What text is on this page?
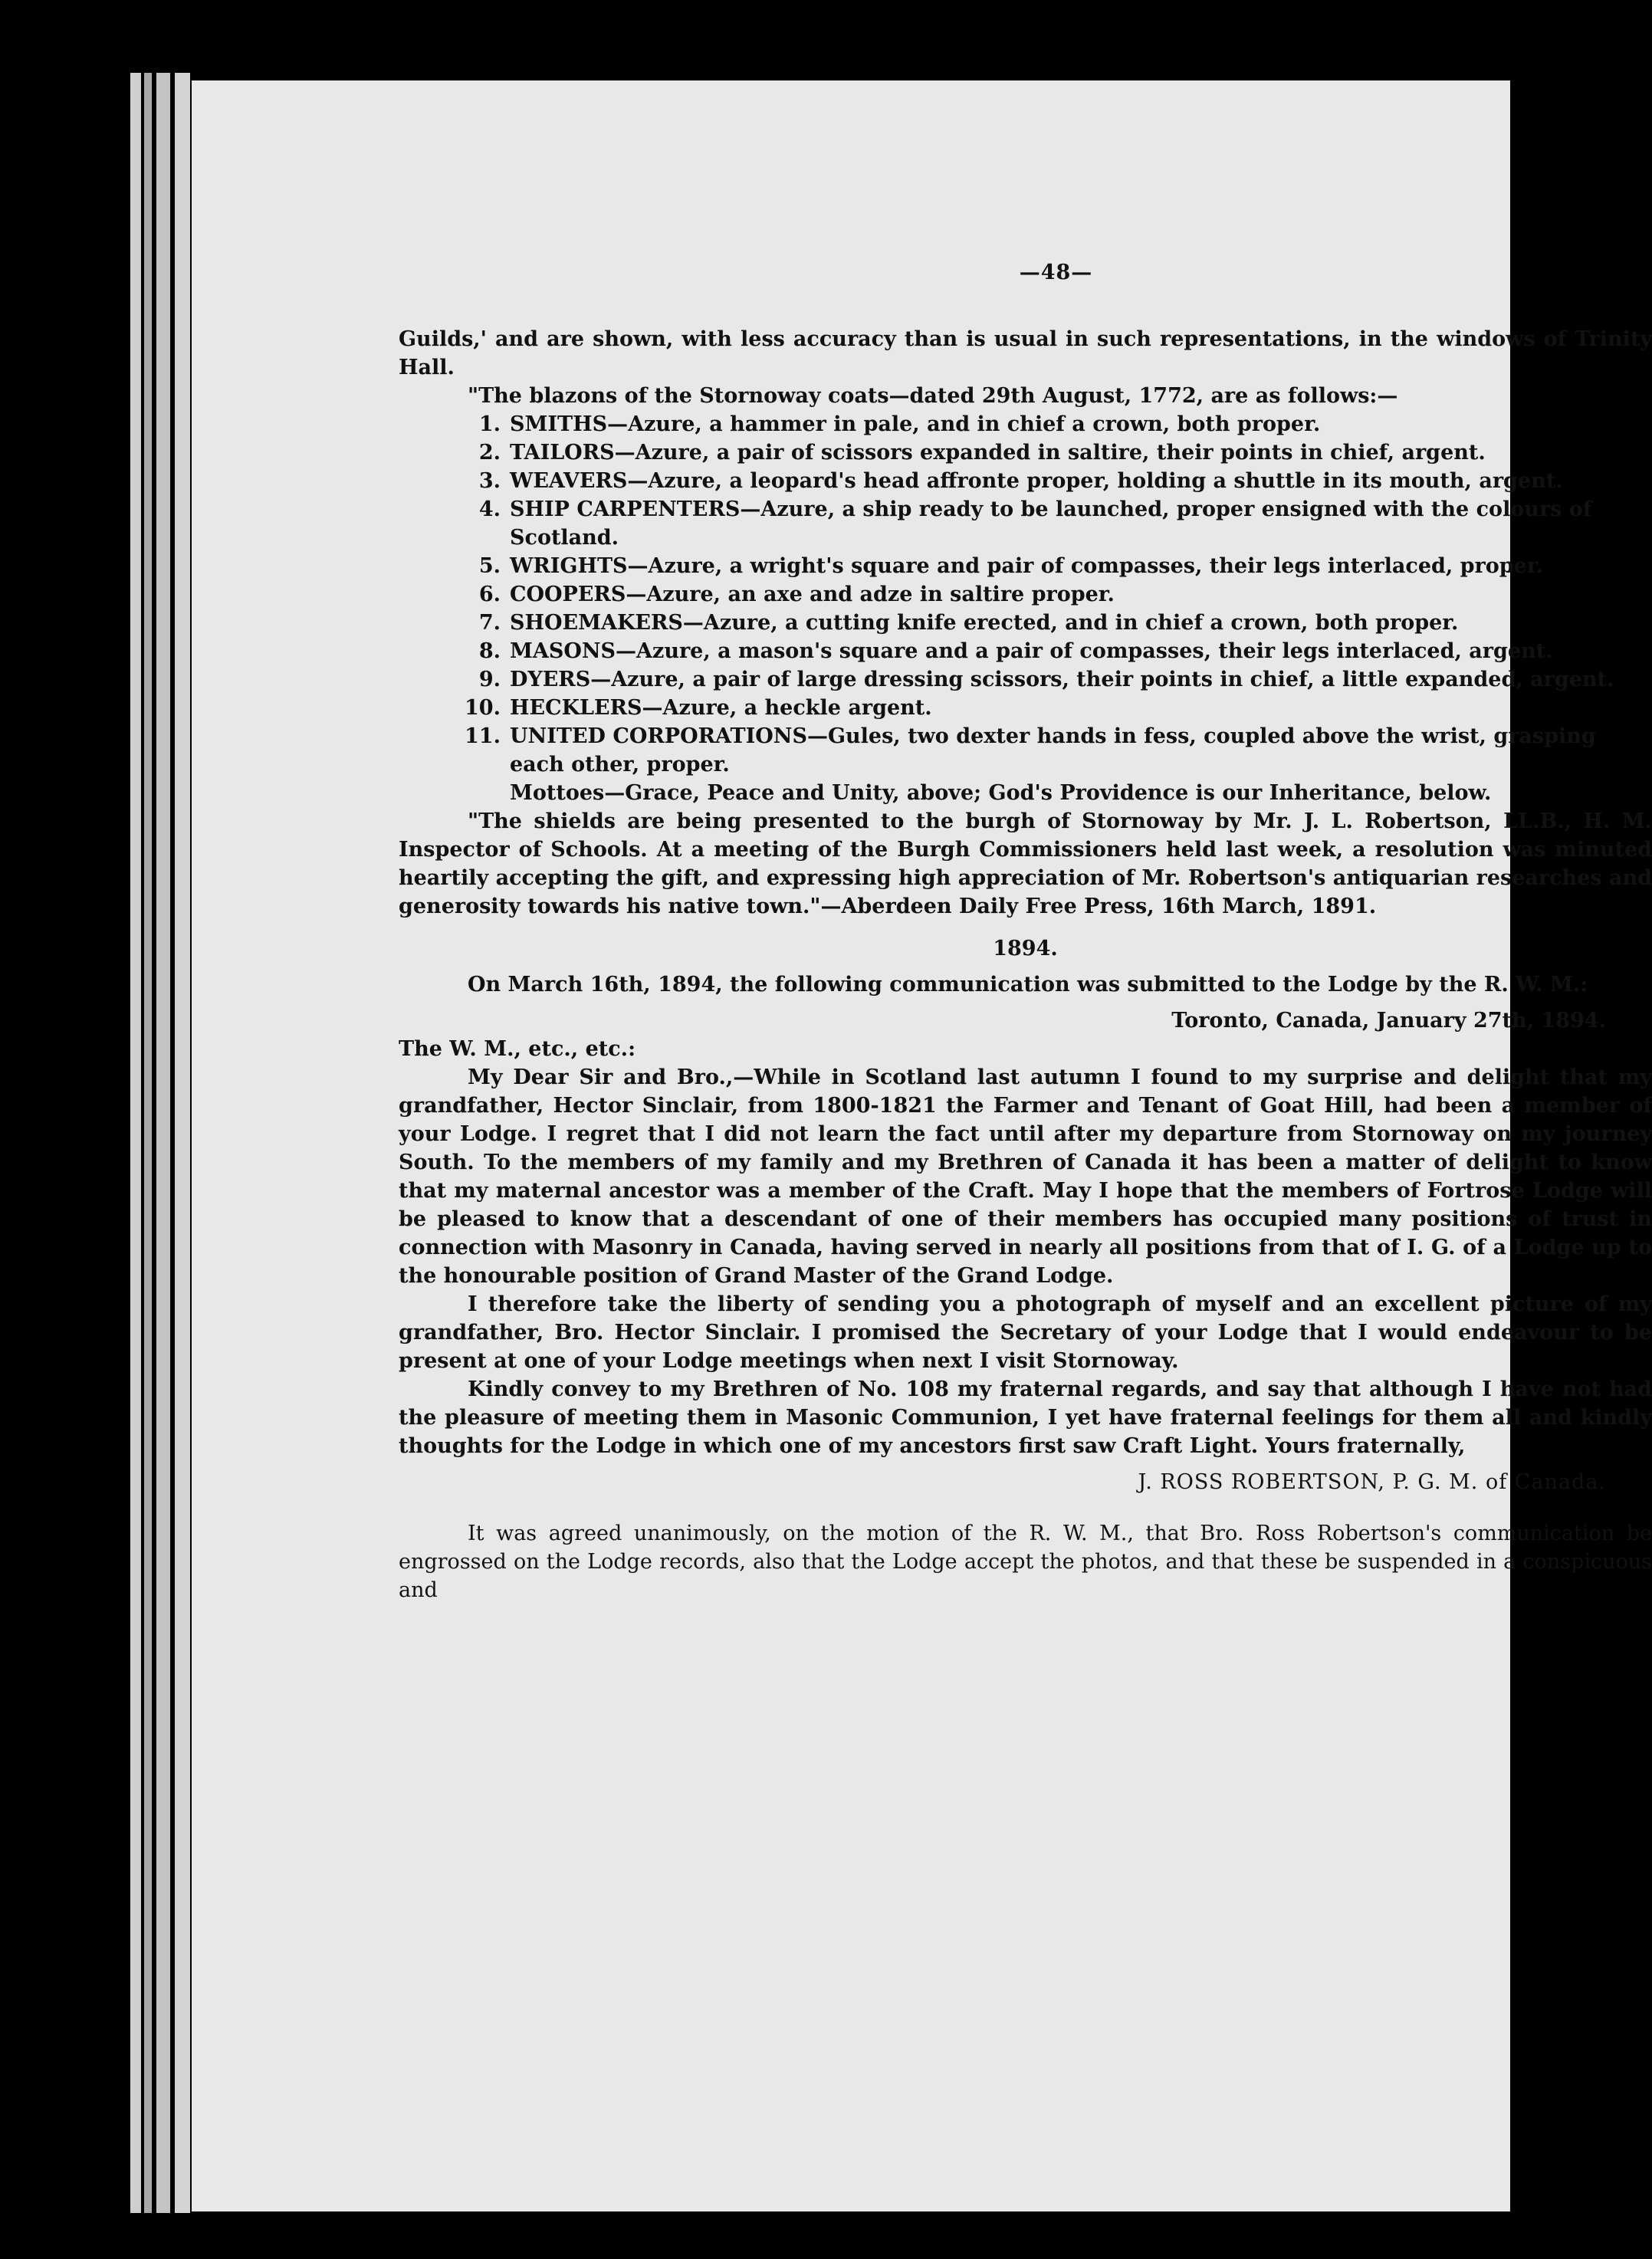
—48—

Guilds,' and are shown, with less accuracy than is usual in such representations, in the windows of Trinity Hall.

"The blazons of the Stornoway coats—dated 29th August, 1772, are as follows:—

1. SMITHS—Azure, a hammer in pale, and in chief a crown, both proper.
2. TAILORS—Azure, a pair of scissors expanded in saltire, their points in chief, argent.
3. WEAVERS—Azure, a leopard's head affronte proper, holding a shuttle in its mouth, argent.
4. SHIP CARPENTERS—Azure, a ship ready to be launched, proper ensigned with the colours of Scotland.
5. WRIGHTS—Azure, a wright's square and pair of compasses, their legs interlaced, proper.
6. COOPERS—Azure, an axe and adze in saltire proper.
7. SHOEMAKERS—Azure, a cutting knife erected, and in chief a crown, both proper.
8. MASONS—Azure, a mason's square and a pair of compasses, their legs interlaced, argent.
9. DYERS—Azure, a pair of large dressing scissors, their points in chief, a little expanded, argent.
10. HECKLERS—Azure, a heckle argent.
11. UNITED CORPORATIONS—Gules, two dexter hands in fess, coupled above the wrist, grasping each other, proper.

Mottoes—Grace, Peace and Unity, above; God's Providence is our Inheritance, below.

"The shields are being presented to the burgh of Stornoway by Mr. J. L. Robertson, LL.B., H. M. Inspector of Schools. At a meeting of the Burgh Commissioners held last week, a resolution was minuted heartily accepting the gift, and expressing high appreciation of Mr. Robertson's antiquarian researches and generosity towards his native town."—Aberdeen Daily Free Press, 16th March, 1891.

1894.

On March 16th, 1894, the following communication was submitted to the Lodge by the R. W. M.:

Toronto, Canada, January 27th, 1894.

The W. M., etc., etc.:

My Dear Sir and Bro.,—While in Scotland last autumn I found to my surprise and delight that my grandfather, Hector Sinclair, from 1800-1821 the Farmer and Tenant of Goat Hill, had been a member of your Lodge. I regret that I did not learn the fact until after my departure from Stornoway on my journey South. To the members of my family and my Brethren of Canada it has been a matter of delight to know that my maternal ancestor was a member of the Craft. May I hope that the members of Fortrose Lodge will be pleased to know that a descendant of one of their members has occupied many positions of trust in connection with Masonry in Canada, having served in nearly all positions from that of I. G. of a Lodge up to the honourable position of Grand Master of the Grand Lodge.

I therefore take the liberty of sending you a photograph of myself and an excellent picture of my grandfather, Bro. Hector Sinclair. I promised the Secretary of your Lodge that I would endeavour to be present at one of your Lodge meetings when next I visit Stornoway.

Kindly convey to my Brethren of No. 108 my fraternal regards, and say that although I have not had the pleasure of meeting them in Masonic Communion, I yet have fraternal feelings for them all and kindly thoughts for the Lodge in which one of my ancestors first saw Craft Light. Yours fraternally,

J. ROSS ROBERTSON, P. G. M. of Canada.

It was agreed unanimously, on the motion of the R. W. M., that Bro. Ross Robertson's communication be engrossed on the Lodge records, also that the Lodge accept the photos, and that these be suspended in a conspicuous and
